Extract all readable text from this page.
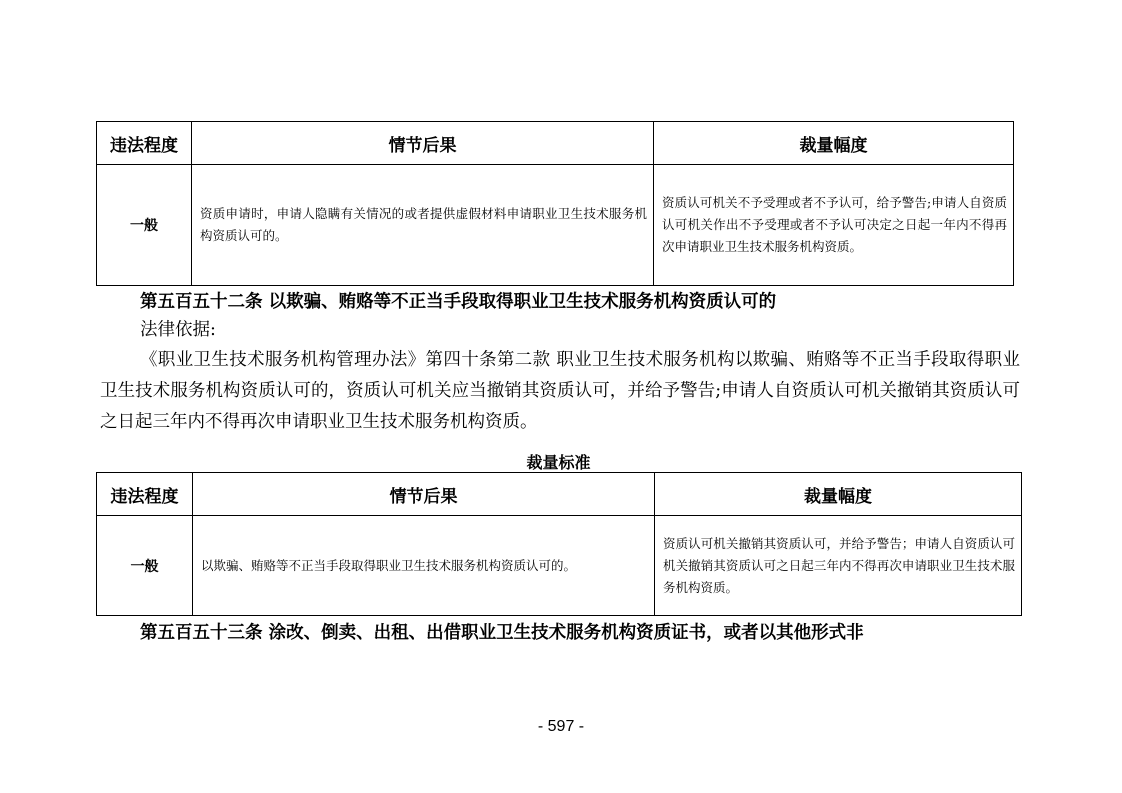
违法程度	情节后果	裁量幅度
一般	资质申请时，申请人隐瞒有关情况的或者提供虚假材料申请职业卫生技术服务机构资质认可的。	资质认可机关不予受理或者不予认可，给予警告;申请人自资质认可机关作出不予受理或者不予认可决定之日起一年内不得再次申请职业卫生技术服务机构资质。
第五百五十二条 以欺骗、贿赂等不正当手段取得职业卫生技术服务机构资质认可的
法律依据:
《职业卫生技术服务机构管理办法》第四十条第二款 职业卫生技术服务机构以欺骗、贿赂等不正当手段取得职业卫生技术服务机构资质认可的，资质认可机关应当撤销其资质认可，并给予警告;申请人自资质认可机关撤销其资质认可之日起三年内不得再次申请职业卫生技术服务机构资质。
裁量标准
违法程度	情节后果	裁量幅度
一般	以欺骗、贿赂等不正当手段取得职业卫生技术服务机构资质认可的。	资质认可机关撤销其资质认可，并给予警告；申请人自资质认可机关撤销其资质认可之日起三年内不得再次申请职业卫生技术服务机构资质。
第五百五十三条 涂改、倒卖、出租、出借职业卫生技术服务机构资质证书，或者以其他形式非
- 597 -
